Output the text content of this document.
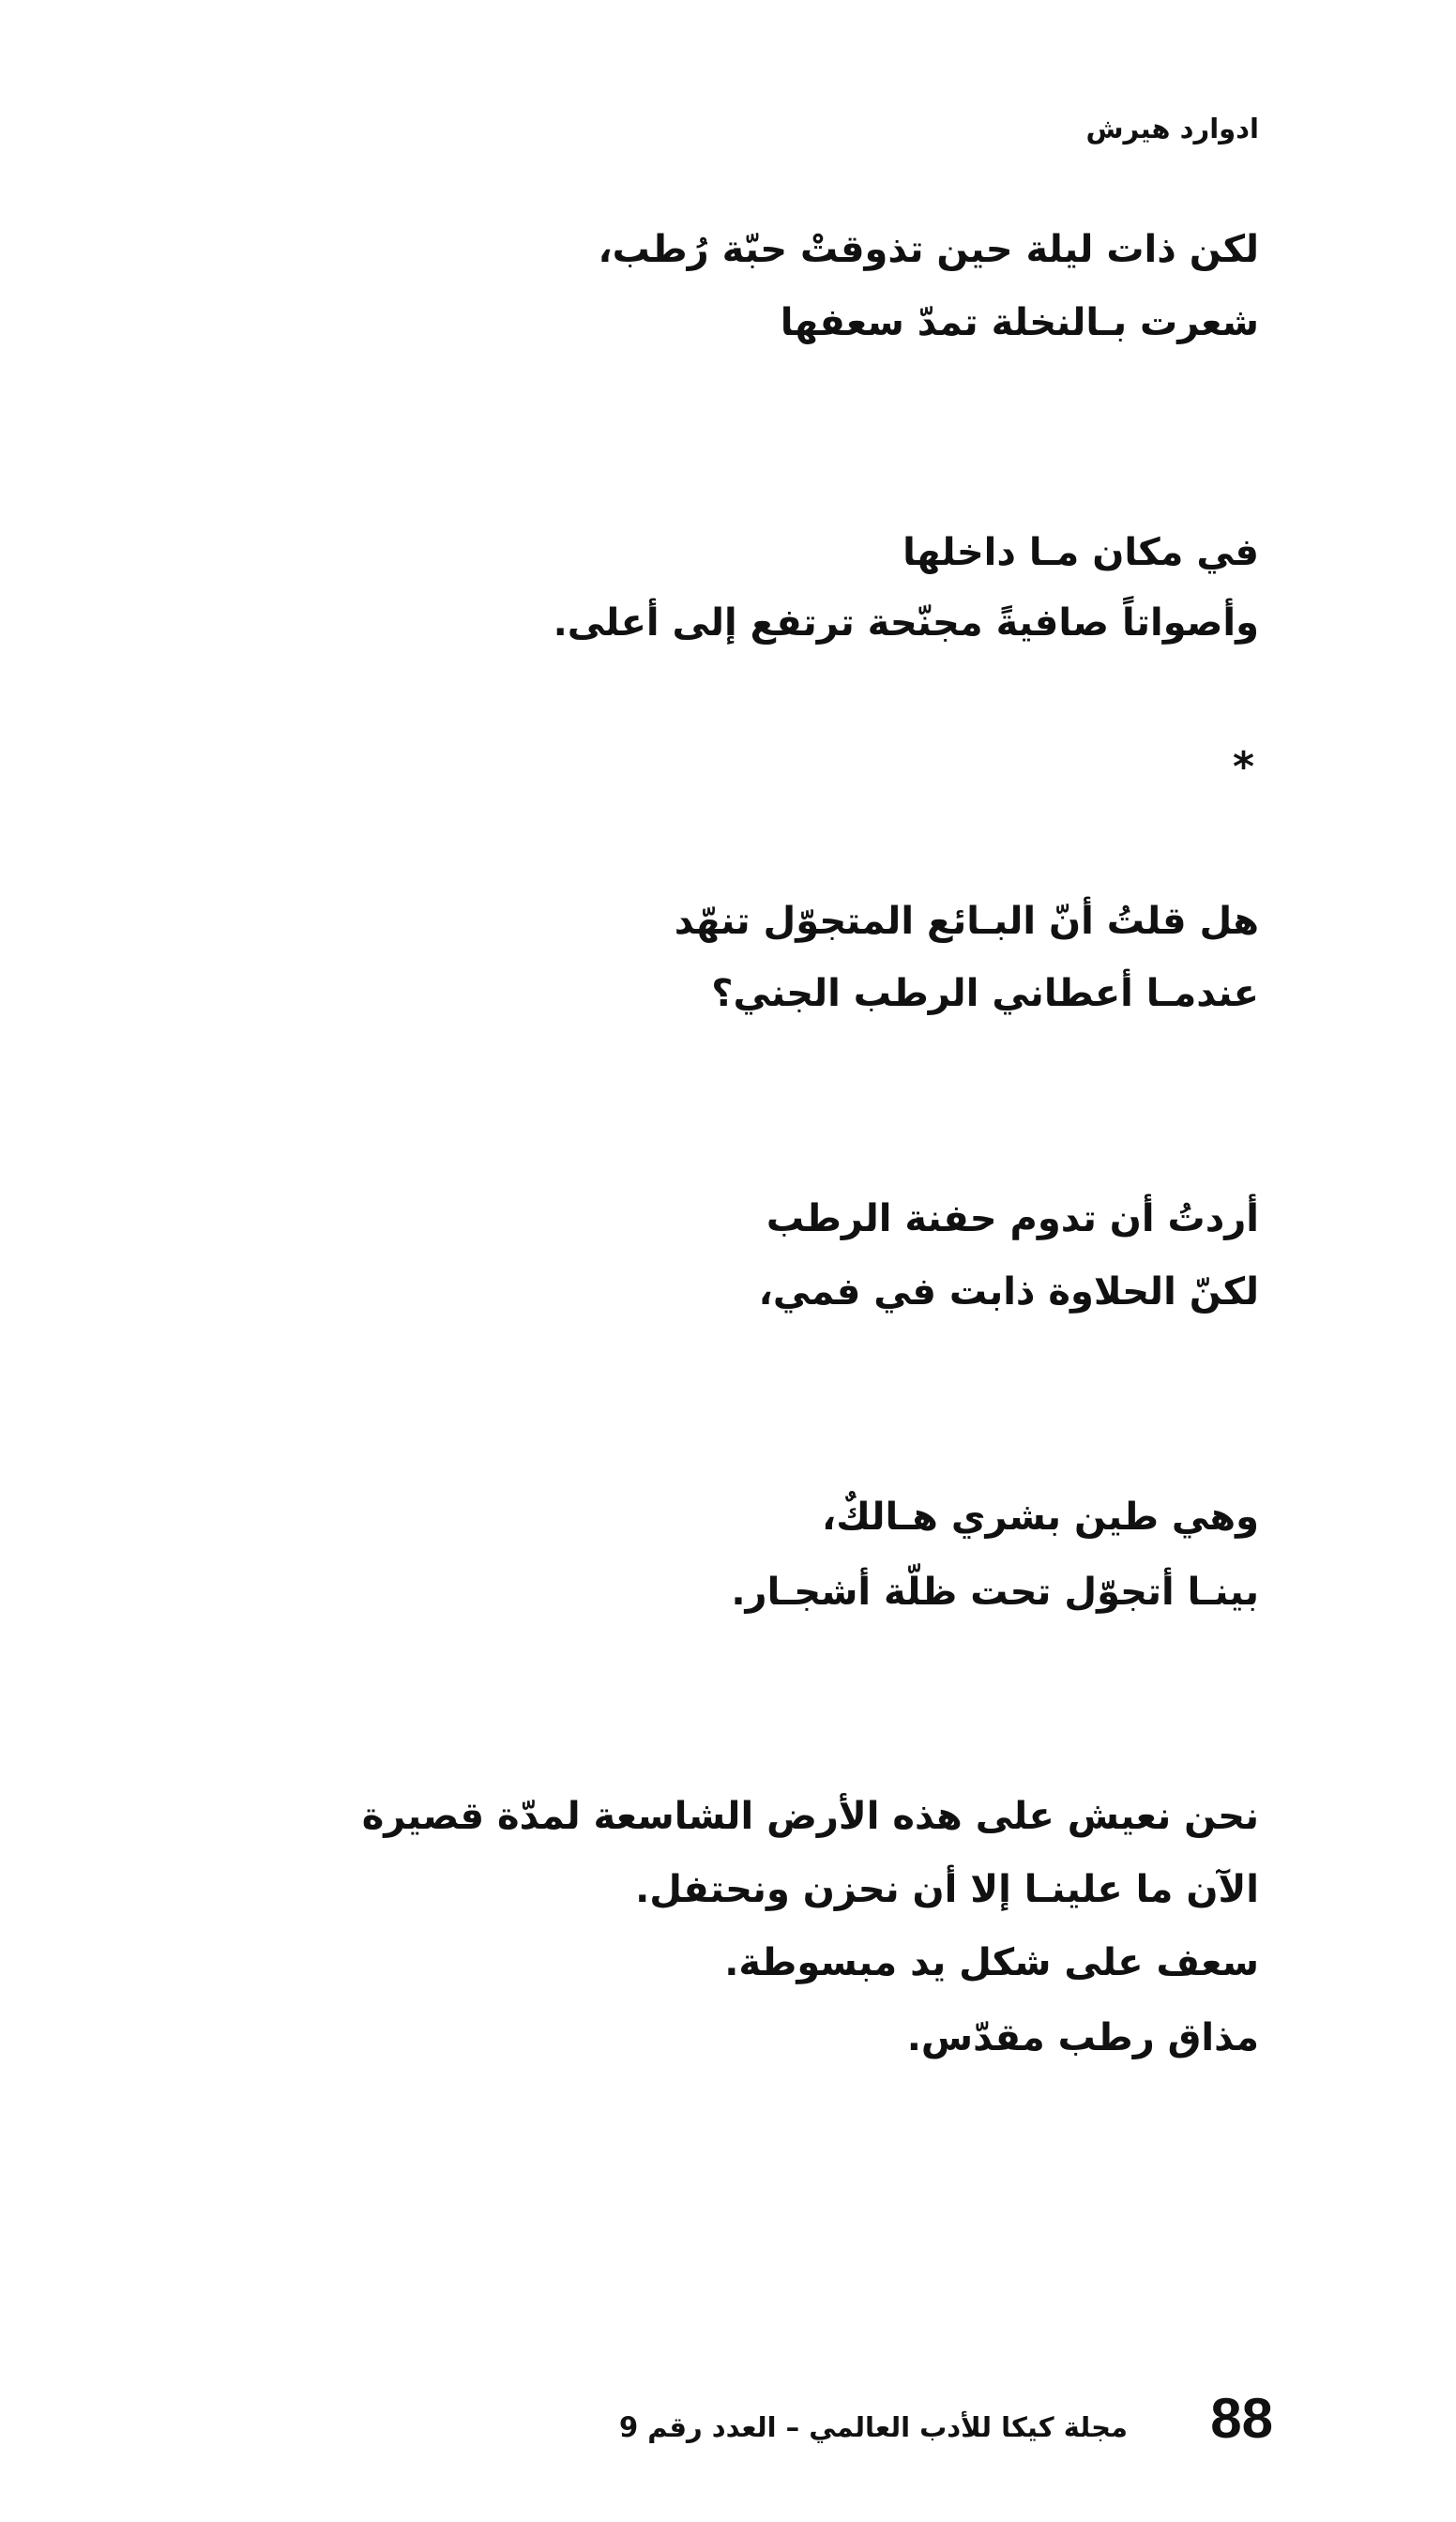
ادوارد هيرش
لكن ذات ليلة حين تذوقتْ حبّة رُطب،
شعرت بـالنخلة تمدّ سعفها
في مكان مـا داخلها
وأصواتاً صافيةً مجنّحة ترتفع إلى أعلى.
*
هل قلتُ أنّ البـائع المتجوّل تنهّد
عندمـا أعطاني الرطب الجني؟
أردتُ أن تدوم حفنة الرطب
لكنّ الحلاوة ذابت في فمي،
وهي طين بشري هـالكٌ،
بينـا أتجوّل تحت ظلّة أشجـار.
نحن نعيش على هذه الأرض الشاسعة لمدّة قصيرة
الآن ما علينـا إلا أن نحزن ونحتفل.
سعف على شكل يد مبسوطة.
مذاق رطب مقدّس.
مجلة كيكا للأدب العالمي – العدد رقم 9 88
